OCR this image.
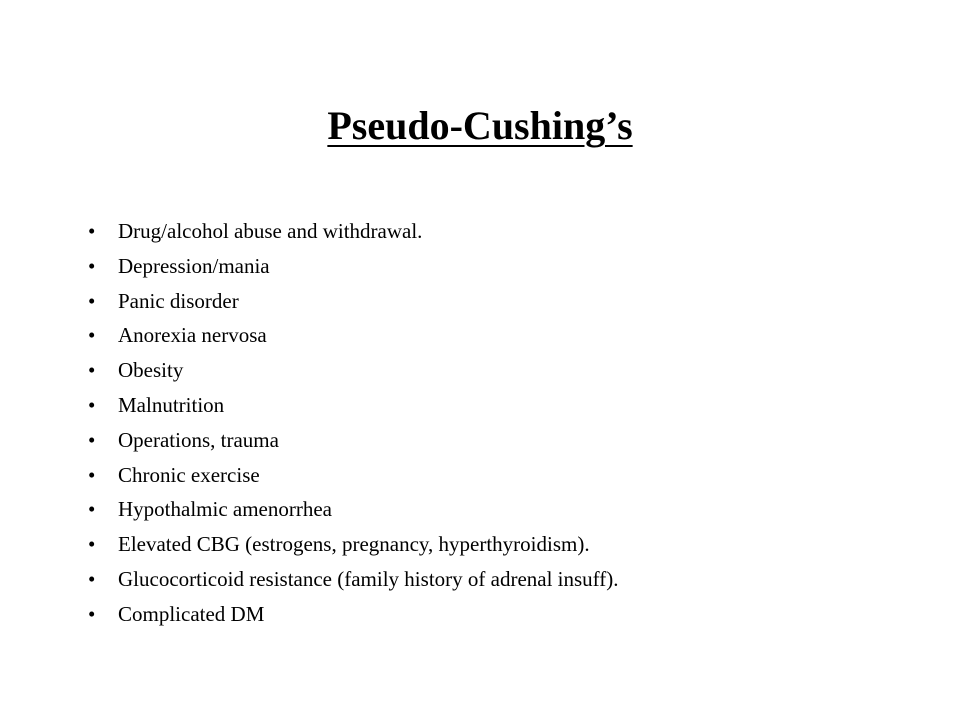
Pseudo-Cushing’s
•	Drug/alcohol abuse and withdrawal.
•	Depression/mania
•	Panic disorder
•	Anorexia nervosa
•	Obesity
•	Malnutrition
•	Operations, trauma
•	Chronic exercise
•	Hypothalmic amenorrhea
•	Elevated CBG (estrogens, pregnancy, hyperthyroidism).
•	Glucocorticoid resistance (family history of adrenal insuff).
•	Complicated DM
